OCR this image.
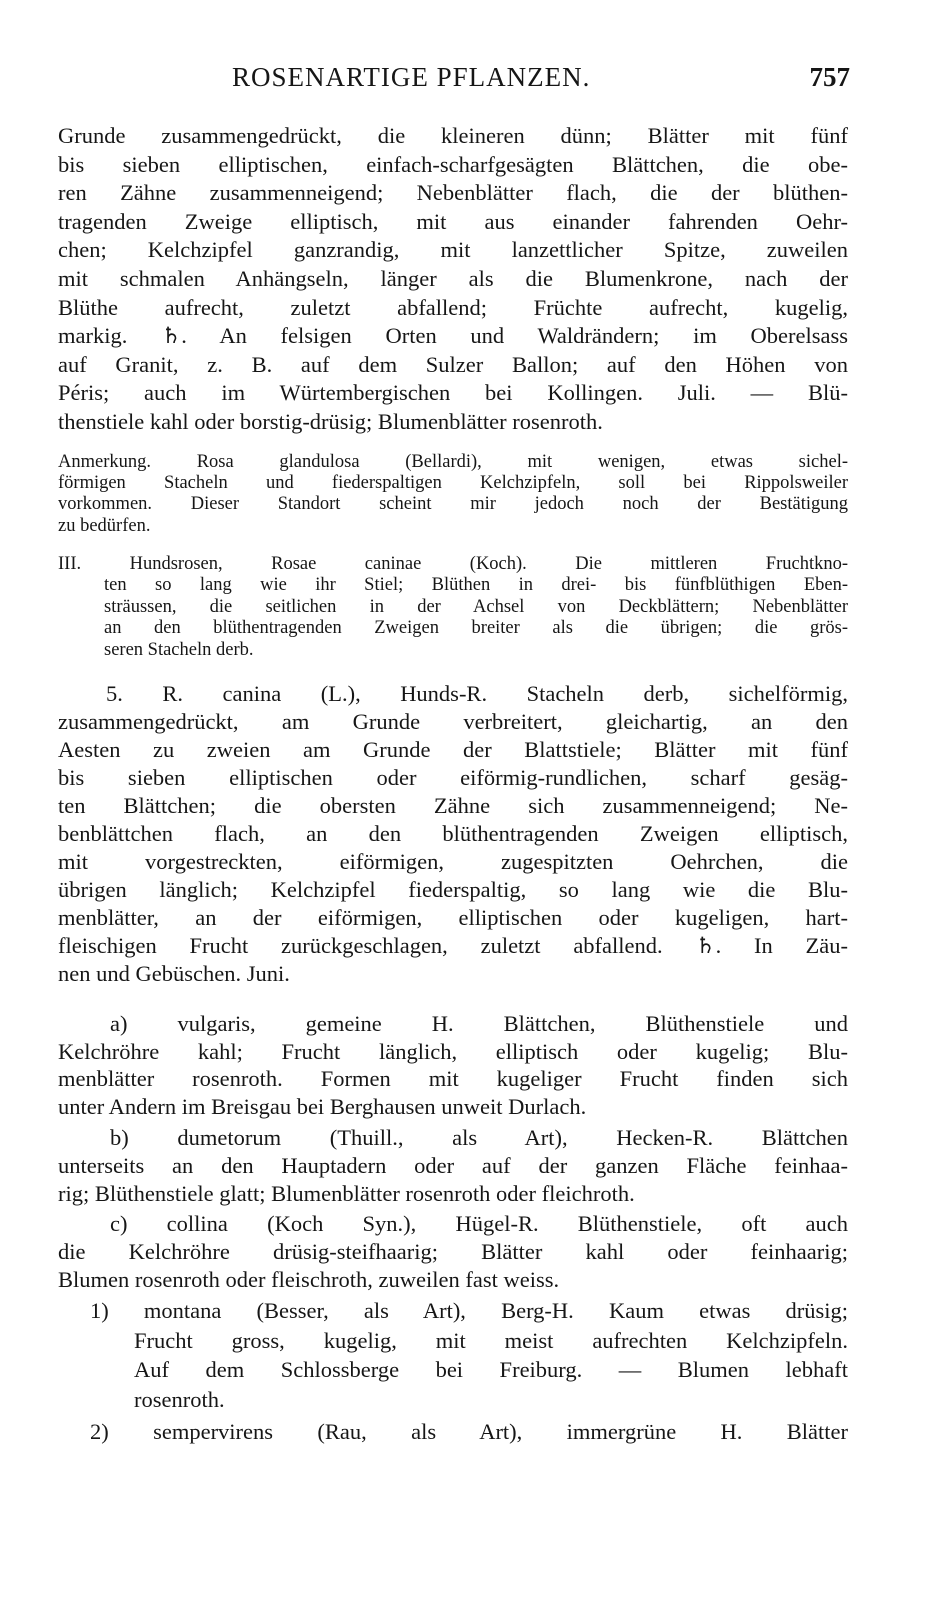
ROSENARTIGE PFLANZEN.	757
Grunde zusammengedrückt, die kleineren dünn; Blätter mit fünf
bis sieben elliptischen, einfach-scharfgesägten Blättchen, die obe-
ren Zähne zusammenneigend; Nebenblätter flach, die der blüthen-
tragenden Zweige elliptisch, mit aus einander fahrenden Oehr-
chen; Kelchzipfel ganzrandig, mit lanzettlicher Spitze, zuweilen
mit schmalen Anhängseln, länger als die Blumenkrone, nach der
Blüthe aufrecht, zuletzt abfallend; Früchte aufrecht, kugelig,
markig. ♄. An felsigen Orten und Waldrändern; im Oberelsass
auf Granit, z. B. auf dem Sulzer Ballon; auf den Höhen von
Péris; auch im Würtembergischen bei Kollingen. Juli. — Blü-
thenstiele kahl oder borstig-drüsig; Blumenblätter rosenroth.
Anmerkung. Rosa glandulosa (Bellardi), mit wenigen, etwas sichel-
förmigen Stacheln und fiederspaltigen Kelchzipfeln, soll bei Rippolsweiler
vorkommen. Dieser Standort scheint mir jedoch noch der Bestätigung
zu bedürfen.
III. Hundsrosen, Rosae caninae (Koch). Die mittleren Fruchtkno-
ten so lang wie ihr Stiel; Blüthen in drei- bis fünfblüthigen Eben-
sträussen, die seitlichen in der Achsel von Deckblättern; Nebenblätter
an den blüthentragenden Zweigen breiter als die übrigen; die grös-
seren Stacheln derb.
5. R. canina (L.), Hunds-R. Stacheln derb, sichelförmig,
zusammengedrückt, am Grunde verbreitert, gleichartig, an den
Aesten zu zweien am Grunde der Blattstiele; Blätter mit fünf
bis sieben elliptischen oder eiförmig-rundlichen, scharf gesäg-
ten Blättchen; die obersten Zähne sich zusammenneigend; Ne-
benblättchen flach, an den blüthentragenden Zweigen elliptisch,
mit vorgestreckten, eiförmigen, zugespitzten Oehrchen, die
übrigen länglich; Kelchzipfel fiederspaltig, so lang wie die Blu-
menblätter, an der eiförmigen, elliptischen oder kugeligen, hart-
fleischigen Frucht zurückgeschlagen, zuletzt abfallend. ♄. In Zäu-
nen und Gebüschen. Juni.
a) vulgaris, gemeine H. Blättchen, Blüthenstiele und
Kelchröhre kahl; Frucht länglich, elliptisch oder kugelig; Blu-
menblätter rosenroth. Formen mit kugeliger Frucht finden sich
unter Andern im Breisgau bei Berghausen unweit Durlach.
b) dumetorum (Thuill., als Art), Hecken-R. Blättchen
unterseits an den Hauptadern oder auf der ganzen Fläche feinhaa-
rig; Blüthenstiele glatt; Blumenblätter rosenroth oder fleichroth.
c) collina (Koch Syn.), Hügel-R. Blüthenstiele, oft auch
die Kelchröhre drüsig-steifhaarig; Blätter kahl oder feinhaarig;
Blumen rosenroth oder fleischroth, zuweilen fast weiss.
1) montana (Besser, als Art), Berg-H. Kaum etwas drüsig;
Frucht gross, kugelig, mit meist aufrechten Kelchzipfeln.
Auf dem Schlossberge bei Freiburg. — Blumen lebhaft
rosenroth.
2) sempervirens (Rau, als Art), immergrüne H. Blätter
